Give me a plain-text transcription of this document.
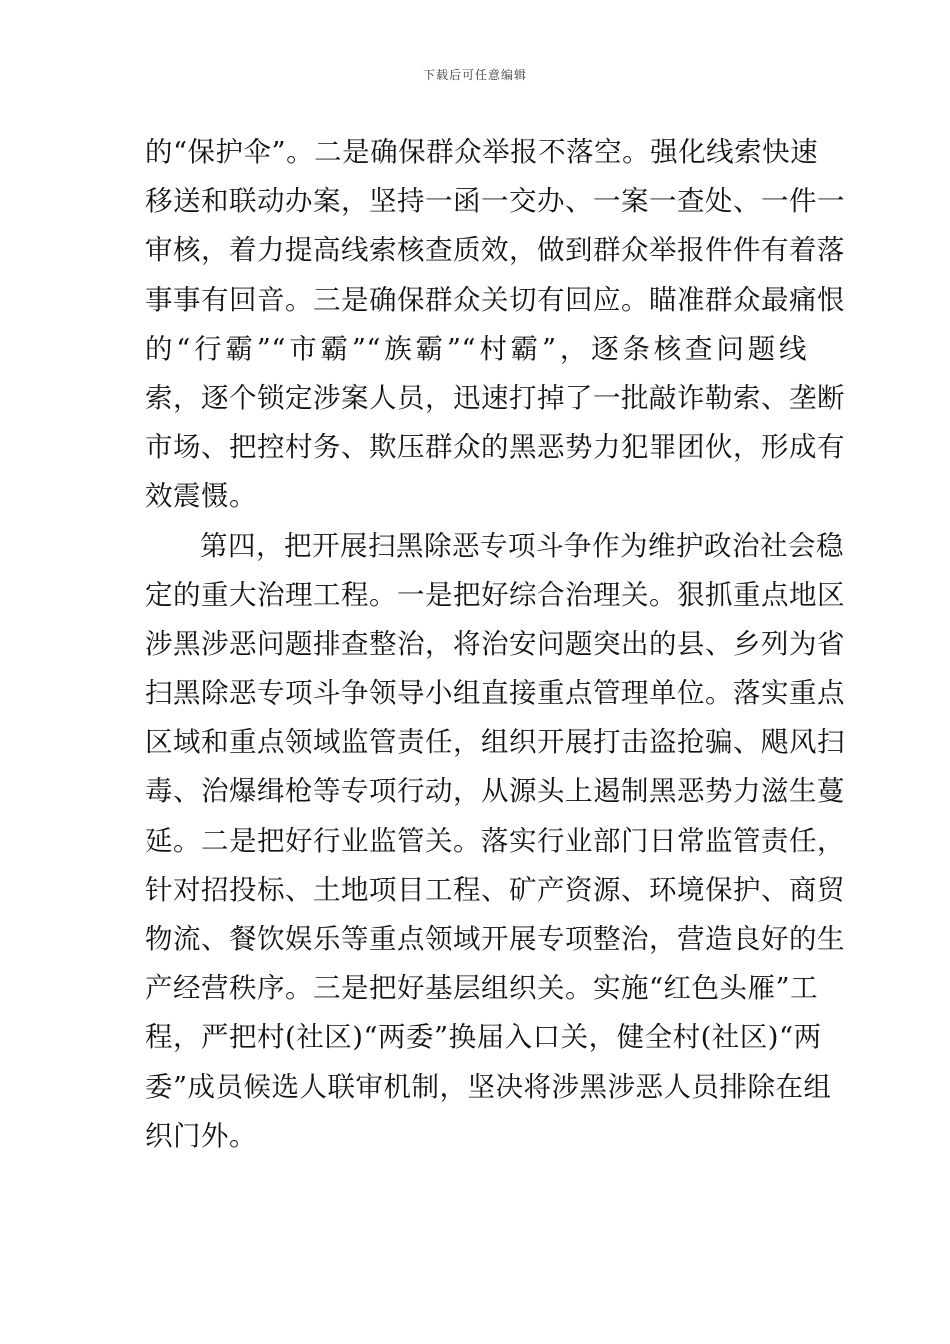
下载后可任意编辑
的“保护伞”。二是确保群众举报不落空。强化线索快速
移送和联动办案，坚持一函一交办、一案一查处、一件一
审核，着力提高线索核查质效，做到群众举报件件有着落
事事有回音。三是确保群众关切有回应。瞄准群众最痛恨
的“行霸”“市霸”“族霸”“村霸”，逐条核查问题线
索，逐个锁定涉案人员，迅速打掉了一批敲诈勒索、垄断
市场、把控村务、欺压群众的黑恶势力犯罪团伙，形成有
效震慑。
第四，把开展扫黑除恶专项斗争作为维护政治社会稳
定的重大治理工程。一是把好综合治理关。狠抓重点地区
涉黑涉恶问题排查整治，将治安问题突出的县、乡列为省
扫黑除恶专项斗争领导小组直接重点管理单位。落实重点
区域和重点领域监管责任，组织开展打击盗抢骗、飓风扫
毒、治爆缉枪等专项行动，从源头上遏制黑恶势力滋生蔓
延。二是把好行业监管关。落实行业部门日常监管责任，
针对招投标、土地项目工程、矿产资源、环境保护、商贸
物流、餐饮娱乐等重点领域开展专项整治，营造良好的生
产经营秩序。三是把好基层组织关。实施“红色头雁”工
程，严把村(社区)“两委”换届入口关，健全村(社区)“两
委”成员候选人联审机制，坚决将涉黑涉恶人员排除在组
织门外。
